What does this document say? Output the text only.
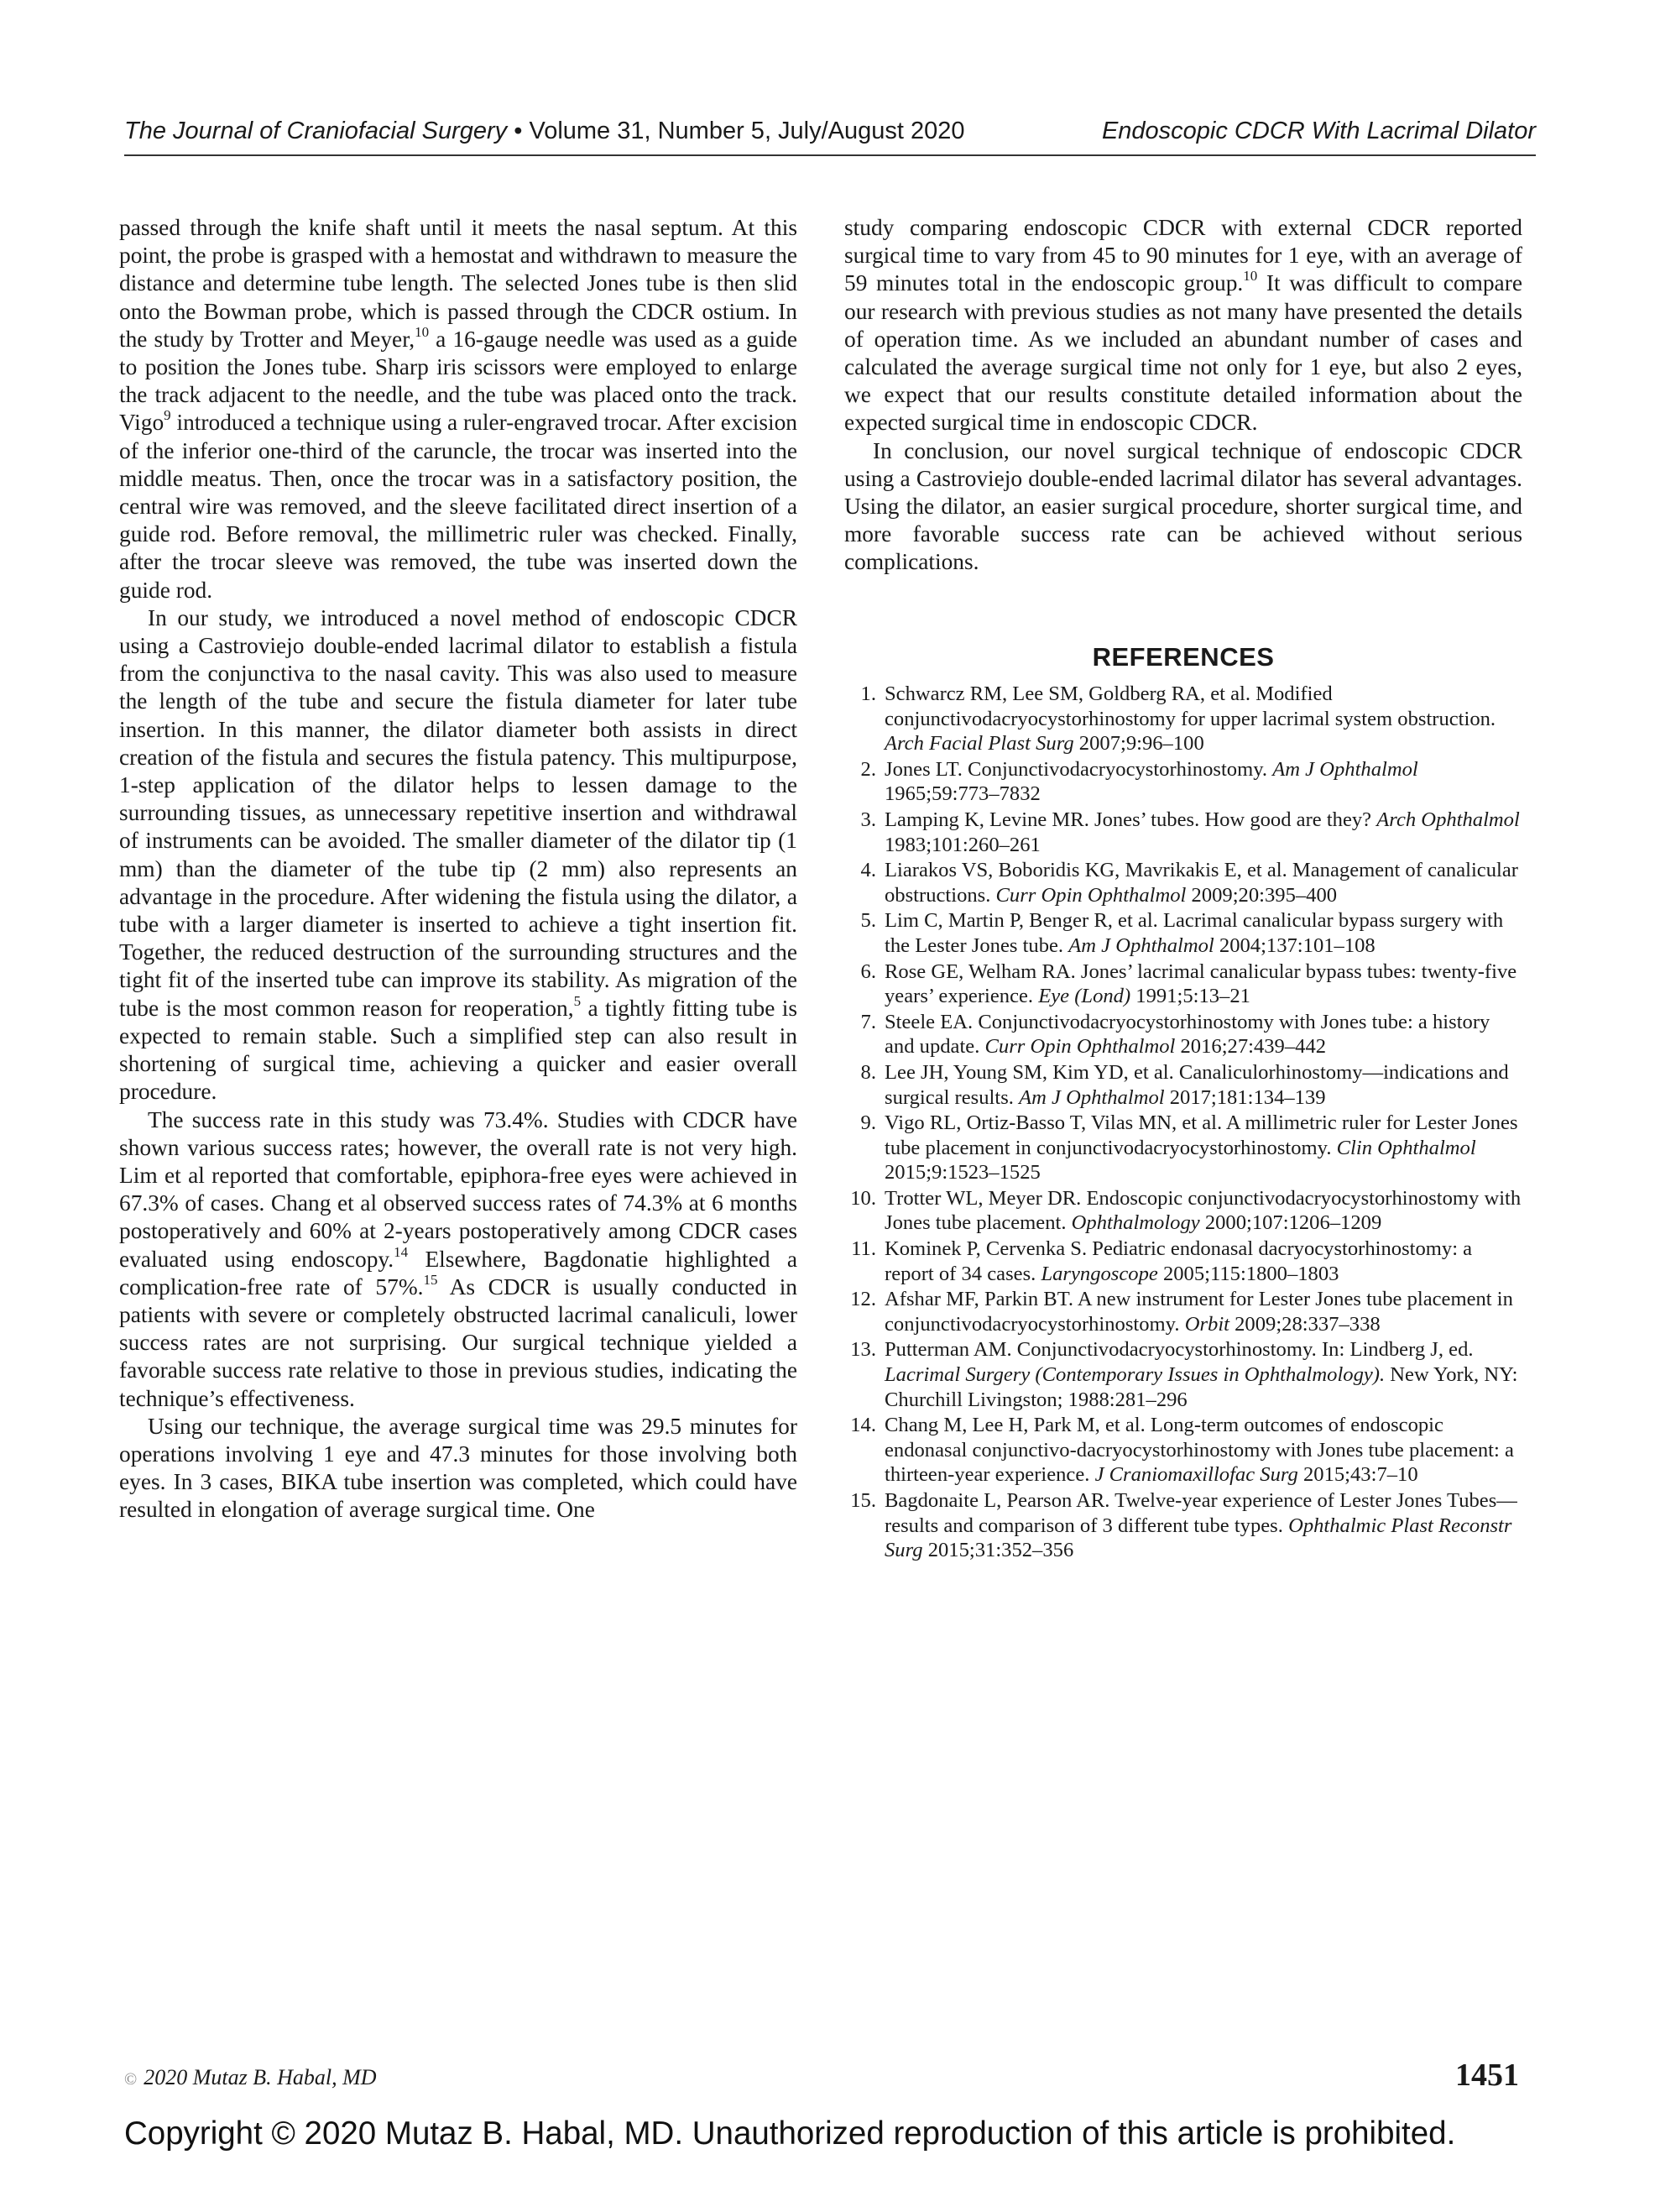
The Journal of Craniofacial Surgery • Volume 31, Number 5, July/August 2020	Endoscopic CDCR With Lacrimal Dilator

passed through the knife shaft until it meets the nasal septum. At this point, the probe is grasped with a hemostat and withdrawn to measure the distance and determine tube length. The selected Jones tube is then slid onto the Bowman probe, which is passed through the CDCR ostium. In the study by Trotter and Meyer,$^{10}$ a 16-gauge needle was used as a guide to position the Jones tube. Sharp iris scissors were employed to enlarge the track adjacent to the needle, and the tube was placed onto the track. Vigo$^9$ introduced a technique using a ruler-engraved trocar. After excision of the inferior one-third of the caruncle, the trocar was inserted into the middle meatus. Then, once the trocar was in a satisfactory position, the central wire was removed, and the sleeve facilitated direct insertion of a guide rod. Before removal, the millimetric ruler was checked. Finally, after the trocar sleeve was removed, the tube was inserted down the guide rod.

In our study, we introduced a novel method of endoscopic CDCR using a Castroviejo double-ended lacrimal dilator to establish a fistula from the conjunctiva to the nasal cavity. This was also used to measure the length of the tube and secure the fistula diameter for later tube insertion. In this manner, the dilator diameter both assists in direct creation of the fistula and secures the fistula patency. This multipurpose, 1-step application of the dilator helps to lessen damage to the surrounding tissues, as unnecessary repetitive insertion and withdrawal of instruments can be avoided. The smaller diameter of the dilator tip (1 mm) than the diameter of the tube tip (2 mm) also represents an advantage in the procedure. After widening the fistula using the dilator, a tube with a larger diameter is inserted to achieve a tight insertion fit. Together, the reduced destruction of the surrounding structures and the tight fit of the inserted tube can improve its stability. As migration of the tube is the most common reason for reoperation,$^5$ a tightly fitting tube is expected to remain stable. Such a simplified step can also result in shortening of surgical time, achieving a quicker and easier overall procedure.

The success rate in this study was 73.4%. Studies with CDCR have shown various success rates; however, the overall rate is not very high. Lim et al reported that comfortable, epiphora-free eyes were achieved in 67.3% of cases. Chang et al observed success rates of 74.3% at 6 months postoperatively and 60% at 2-years postoperatively among CDCR cases evaluated using endoscopy.$^{14}$ Elsewhere, Bagdonatie highlighted a complication-free rate of 57%.$^{15}$ As CDCR is usually conducted in patients with severe or completely obstructed lacrimal canaliculi, lower success rates are not surprising. Our surgical technique yielded a favorable success rate relative to those in previous studies, indicating the technique’s effectiveness.

Using our technique, the average surgical time was 29.5 minutes for operations involving 1 eye and 47.3 minutes for those involving both eyes. In 3 cases, BIKA tube insertion was completed, which could have resulted in elongation of average surgical time. One

study comparing endoscopic CDCR with external CDCR reported surgical time to vary from 45 to 90 minutes for 1 eye, with an average of 59 minutes total in the endoscopic group.$^{10}$ It was difficult to compare our research with previous studies as not many have presented the details of operation time. As we included an abundant number of cases and calculated the average surgical time not only for 1 eye, but also 2 eyes, we expect that our results constitute detailed information about the expected surgical time in endoscopic CDCR.

In conclusion, our novel surgical technique of endoscopic CDCR using a Castroviejo double-ended lacrimal dilator has several advantages. Using the dilator, an easier surgical procedure, shorter surgical time, and more favorable success rate can be achieved without serious complications.

REFERENCES
1. Schwarcz RM, Lee SM, Goldberg RA, et al. Modified conjunctivodacryocystorhinostomy for upper lacrimal system obstruction. Arch Facial Plast Surg 2007;9:96–100
2. Jones LT. Conjunctivodacryocystorhinostomy. Am J Ophthalmol 1965;59:773–7832
3. Lamping K, Levine MR. Jones’ tubes. How good are they? Arch Ophthalmol 1983;101:260–261
4. Liarakos VS, Boboridis KG, Mavrikakis E, et al. Management of canalicular obstructions. Curr Opin Ophthalmol 2009;20:395–400
5. Lim C, Martin P, Benger R, et al. Lacrimal canalicular bypass surgery with the Lester Jones tube. Am J Ophthalmol 2004;137:101–108
6. Rose GE, Welham RA. Jones’ lacrimal canalicular bypass tubes: twenty-five years’ experience. Eye (Lond) 1991;5:13–21
7. Steele EA. Conjunctivodacryocystorhinostomy with Jones tube: a history and update. Curr Opin Ophthalmol 2016;27:439–442
8. Lee JH, Young SM, Kim YD, et al. Canaliculorhinostomy—indications and surgical results. Am J Ophthalmol 2017;181:134–139
9. Vigo RL, Ortiz-Basso T, Vilas MN, et al. A millimetric ruler for Lester Jones tube placement in conjunctivodacryocystorhinostomy. Clin Ophthalmol 2015;9:1523–1525
10. Trotter WL, Meyer DR. Endoscopic conjunctivodacryocystorhinostomy with Jones tube placement. Ophthalmology 2000;107:1206–1209
11. Kominek P, Cervenka S. Pediatric endonasal dacryocystorhinostomy: a report of 34 cases. Laryngoscope 2005;115:1800–1803
12. Afshar MF, Parkin BT. A new instrument for Lester Jones tube placement in conjunctivodacryocystorhinostomy. Orbit 2009;28:337–338
13. Putterman AM. Conjunctivodacryocystorhinostomy. In: Lindberg J, ed. Lacrimal Surgery (Contemporary Issues in Ophthalmology). New York, NY: Churchill Livingston; 1988:281–296
14. Chang M, Lee H, Park M, et al. Long-term outcomes of endoscopic endonasal conjunctivo-dacryocystorhinostomy with Jones tube placement: a thirteen-year experience. J Craniomaxillofac Surg 2015;43:7–10
15. Bagdonaite L, Pearson AR. Twelve-year experience of Lester Jones Tubes—results and comparison of 3 different tube types. Ophthalmic Plast Reconstr Surg 2015;31:352–356
© 2020 Mutaz B. Habal, MD	1451
Copyright © 2020 Mutaz B. Habal, MD. Unauthorized reproduction of this article is prohibited.
